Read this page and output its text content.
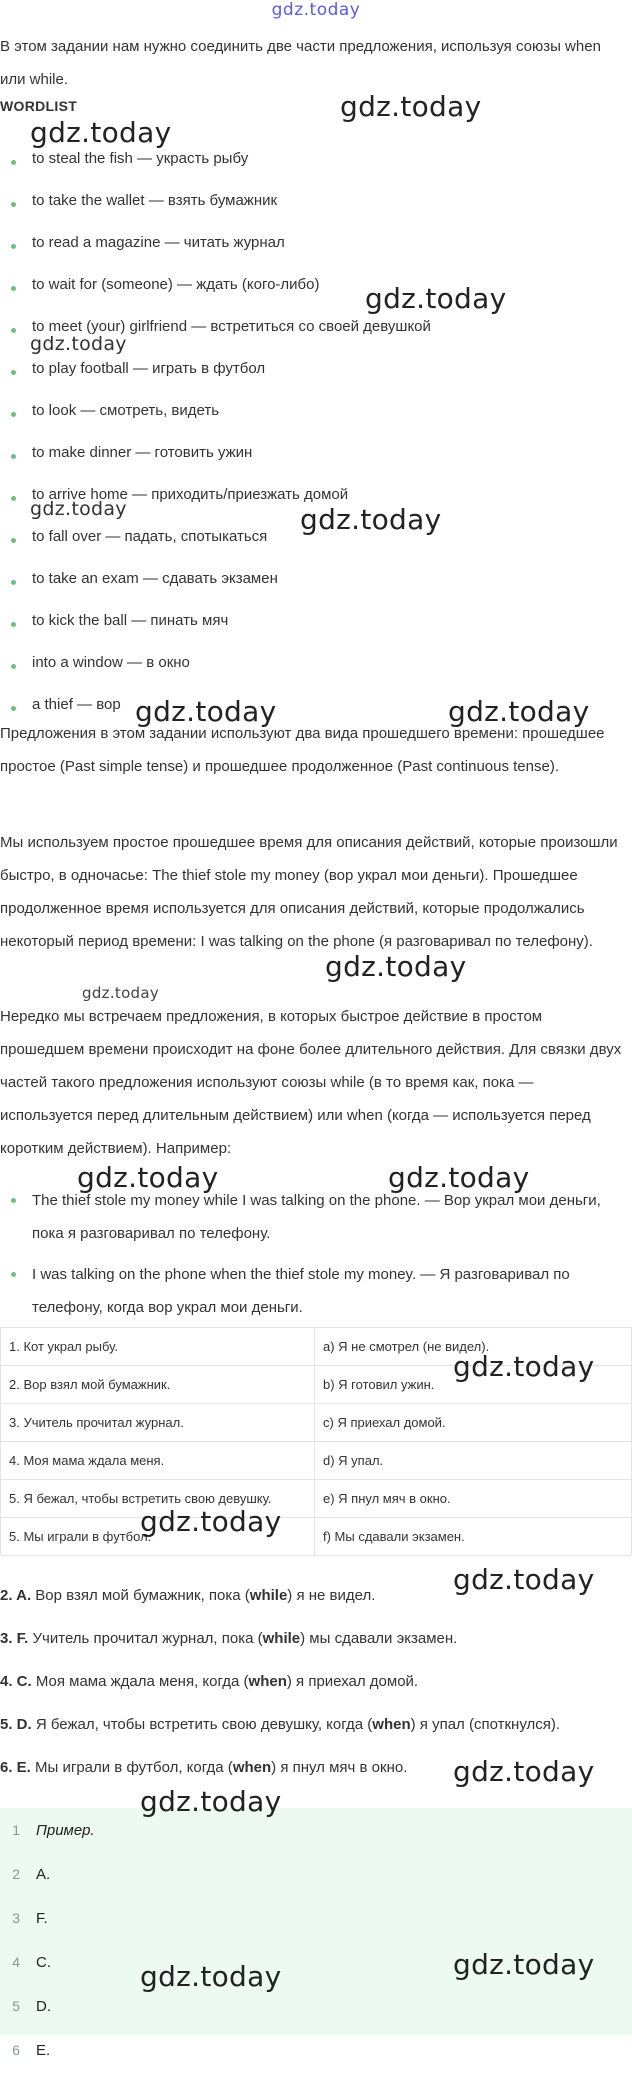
gdz.today
В этом задании нам нужно соединить две части предложения, используя союзы when или while.
WORDLIST
to steal the fish — украсть рыбу
to take the wallet — взять бумажник
to read a magazine — читать журнал
to wait for (someone) — ждать (кого-либо)
to meet (your) girlfriend — встретиться со своей девушкой
to play football — играть в футбол
to look — смотреть, видеть
to make dinner — готовить ужин
to arrive home — приходить/приезжать домой
to fall over — падать, спотыкаться
to take an exam — сдавать экзамен
to kick the ball — пинать мяч
into a window — в окно
a thief — вор

Предложения в этом задании используют два вида прошедшего времени: прошедшее простое (Past simple tense) и прошедшее продолженное (Past continuous tense).

Мы используем простое прошедшее время для описания действий, которые произошли быстро, в одночасье: The thief stole my money (вор украл мои деньги). Прошедшее продолженное время используется для описания действий, которые продолжались некоторый период времени: I was talking on the phone (я разговаривал по телефону).

Нередко мы встречаем предложения, в которых быстрое действие в простом прошедшем времени происходит на фоне более длительного действия. Для связки двух частей такого предложения используют союзы while (в то время как, пока — используется перед длительным действием) или when (когда — используется перед коротким действием). Например:

The thief stole my money while I was talking on the phone. — Вор украл мои деньги, пока я разговаривал по телефону.
I was talking on the phone when the thief stole my money. — Я разговаривал по телефону, когда вор украл мои деньги.
1. Кот украл рыбу.	a) Я не смотрел (не видел).
2. Вор взял мой бумажник.	b) Я готовил ужин.
3. Учитель прочитал журнал.	c) Я приехал домой.
4. Моя мама ждала меня.	d) Я упал.
5. Я бежал, чтобы встретить свою девушку.	e) Я пнул мяч в окно.
5. Мы играли в футбол.	f) Мы сдавали экзамен.

2. A. Вор взял мой бумажник, пока (while) я не видел.

3. F. Учитель прочитал журнал, пока (while) мы сдавали экзамен.

4. C. Моя мама ждала меня, когда (when) я приехал домой.

5. D. Я бежал, чтобы встретить свою девушку, когда (when) я упал (споткнулся).

6. E. Мы играли в футбол, когда (when) я пнул мяч в окно.

1 Пример.
2 A.
3 F.
4 C.
5 D.
6 E.
gdz.today
gdz.today
gdz.today
gdz.today
gdz.today	gdz.today
gdz.today	gdz.today
gdz.today
gdz.today
gdz.today	gdz.today
gdz.today
gdz.today
gdz.today
gdz.today
gdz.today
gdz.today
gdz.today
